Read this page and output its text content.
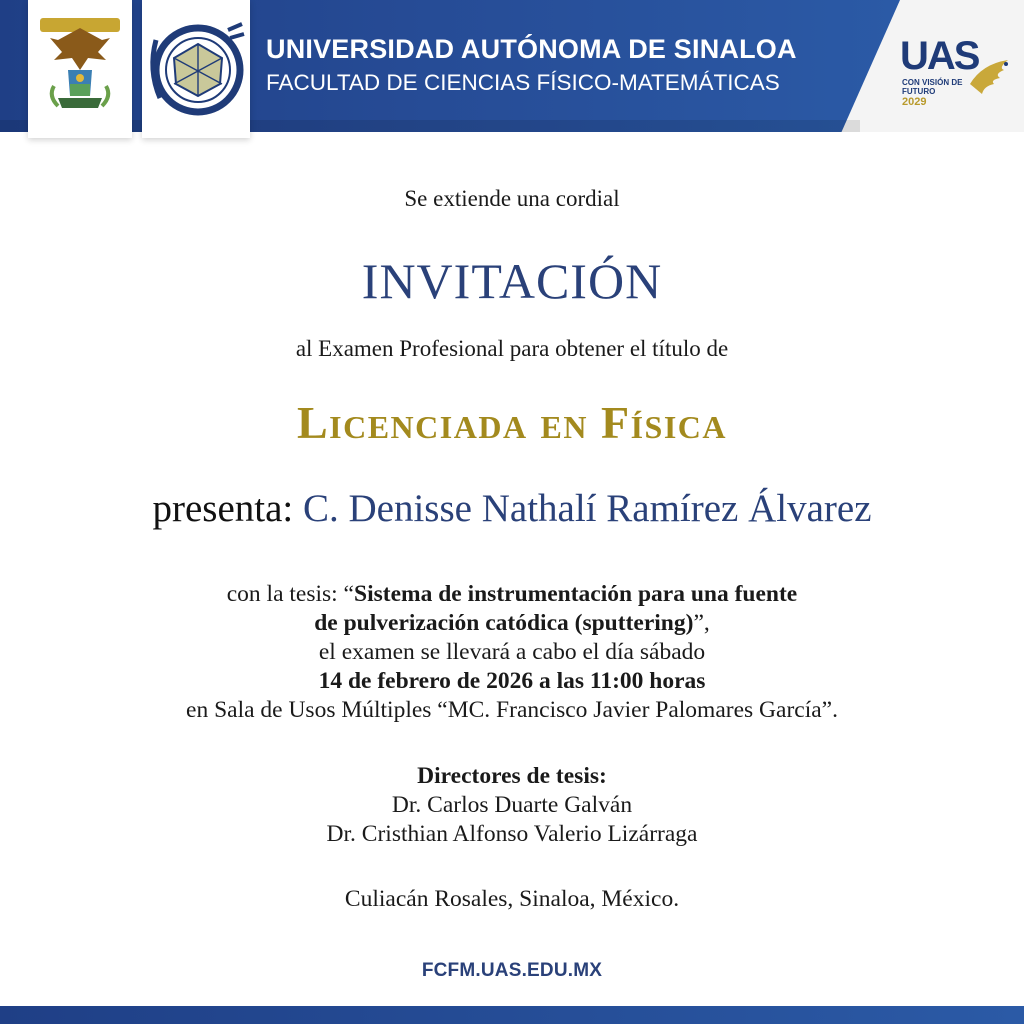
UNIVERSIDAD AUTÓNOMA DE SINALOA
FACULTAD DE CIENCIAS FÍSICO-MATEMÁTICAS
UAS
CON VISIÓN DE
FUTURO
2029
Se extiende una cordial
INVITACIÓN
al Examen Profesional para obtener el título de
Licenciada en Física
presenta: C. Denisse Nathalí Ramírez Álvarez
con la tesis: “Sistema de instrumentación para una fuente
de pulverización catódica (sputtering)”,
el examen se llevará a cabo el día sábado
14 de febrero de 2026 a las 11:00 horas
en Sala de Usos Múltiples “MC. Francisco Javier Palomares García”.
Directores de tesis:
Dr. Carlos Duarte Galván
Dr. Cristhian Alfonso Valerio Lizárraga
Culiacán Rosales, Sinaloa, México.
FCFM.UAS.EDU.MX
